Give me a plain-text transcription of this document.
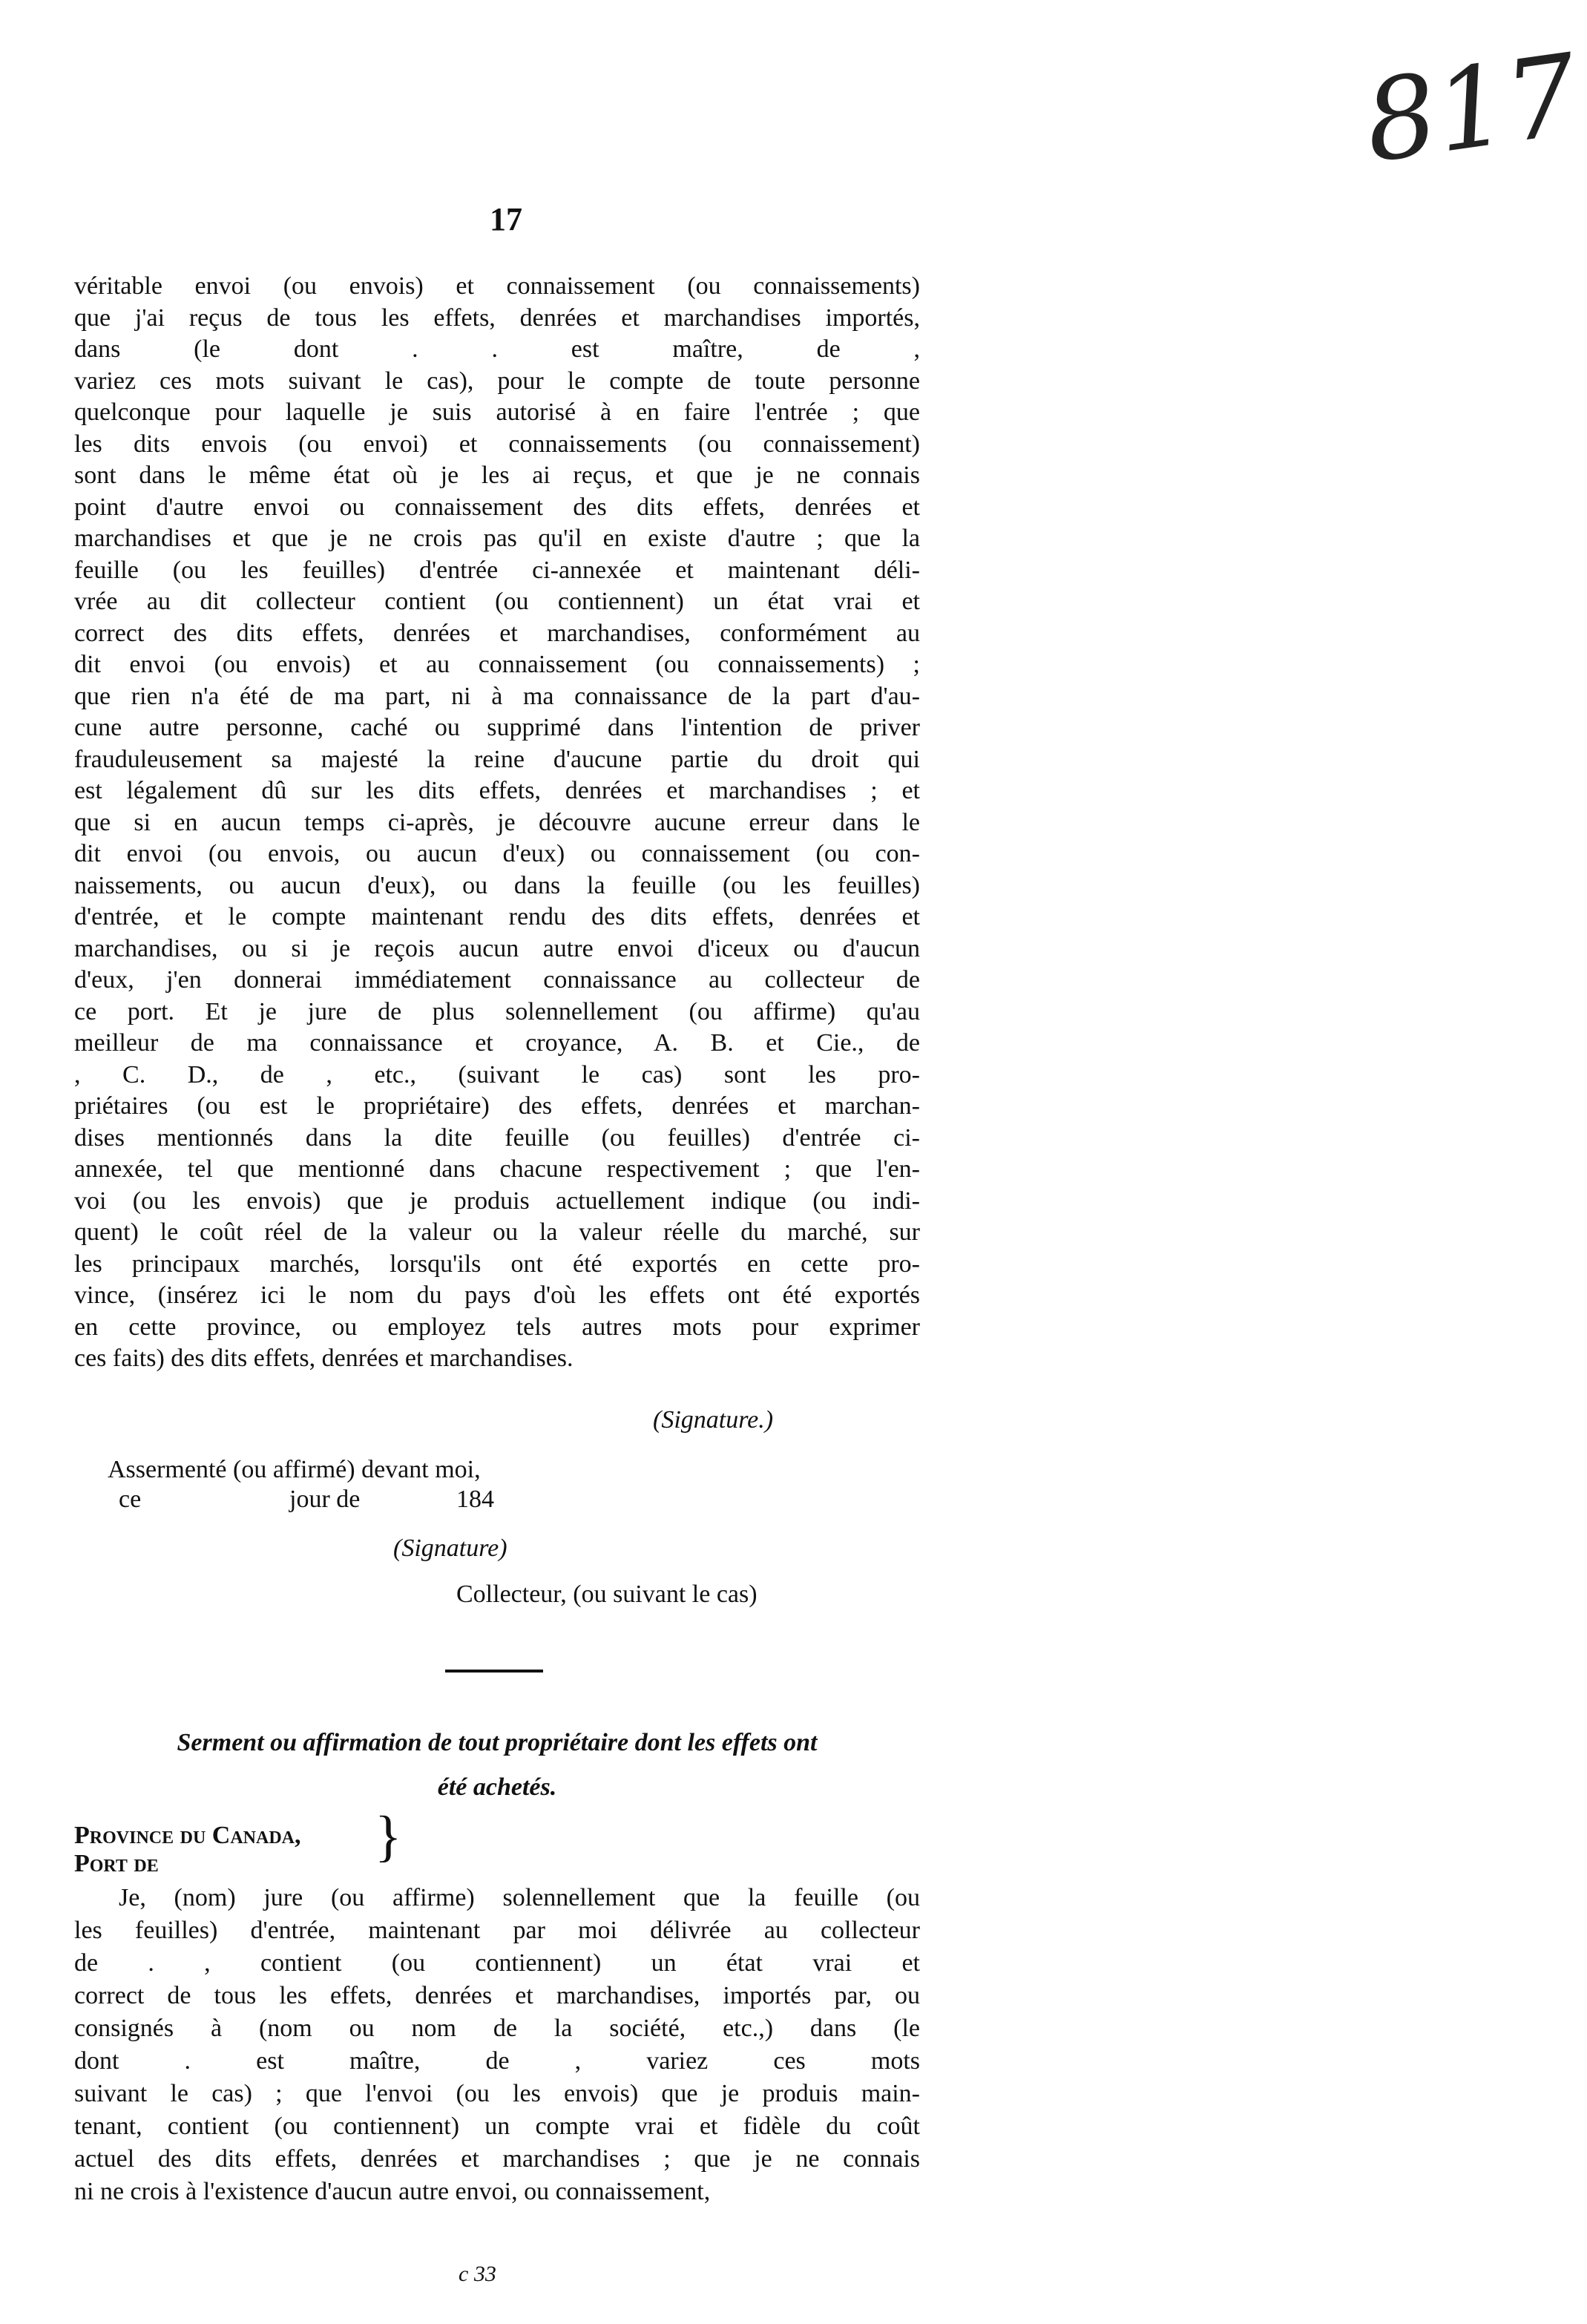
817
17
véritable envoi (ou envois) et connaissement (ou connaissements)
que j'ai reçus de tous les effets, denrées et marchandises importés,
dans (le dont . . est maître, de ,
variez ces mots suivant le cas), pour le compte de toute personne
quelconque pour laquelle je suis autorisé à en faire l'entrée ; que
les dits envois (ou envoi) et connaissements (ou connaissement)
sont dans le même état où je les ai reçus, et que je ne connais
point d'autre envoi ou connaissement des dits effets, denrées et
marchandises et que je ne crois pas qu'il en existe d'autre ; que la
feuille (ou les feuilles) d'entrée ci-annexée et maintenant déli-
vrée au dit collecteur contient (ou contiennent) un état vrai et
correct des dits effets, denrées et marchandises, conformément au
dit envoi (ou envois) et au connaissement (ou connaissements) ;
que rien n'a été de ma part, ni à ma connaissance de la part d'au-
cune autre personne, caché ou supprimé dans l'intention de priver
frauduleusement sa majesté la reine d'aucune partie du droit qui
est légalement dû sur les dits effets, denrées et marchandises ; et
que si en aucun temps ci-après, je découvre aucune erreur dans le
dit envoi (ou envois, ou aucun d'eux) ou connaissement (ou con-
naissements, ou aucun d'eux), ou dans la feuille (ou les feuilles)
d'entrée, et le compte maintenant rendu des dits effets, denrées et
marchandises, ou si je reçois aucun autre envoi d'iceux ou d'aucun
d'eux, j'en donnerai immédiatement connaissance au collecteur de
ce port. Et je jure de plus solennellement (ou affirme) qu'au
meilleur de ma connaissance et croyance, A. B. et Cie., de
, C. D., de , etc., (suivant le cas) sont les pro-
priétaires (ou est le propriétaire) des effets, denrées et marchan-
dises mentionnés dans la dite feuille (ou feuilles) d'entrée ci-
annexée, tel que mentionné dans chacune respectivement ; que l'en-
voi (ou les envois) que je produis actuellement indique (ou indi-
quent) le coût réel de la valeur ou la valeur réelle du marché, sur
les principaux marchés, lorsqu'ils ont été exportés en cette pro-
vince, (insérez ici le nom du pays d'où les effets ont été exportés
en cette province, ou employez tels autres mots pour exprimer
ces faits) des dits effets, denrées et marchandises.
(Signature.)
Assermenté (ou affirmé) devant moi,
ce	jour de	184
(Signature)
Collecteur, (ou suivant le cas)
Serment ou affirmation de tout propriétaire dont les effets ont
été achetés.
Province du Canada,
Port de	}
Je, (nom) jure (ou affirme) solennellement que la feuille (ou
les feuilles) d'entrée, maintenant par moi délivrée au collecteur
de . , contient (ou contiennent) un état vrai et
correct de tous les effets, denrées et marchandises, importés par, ou
consignés à (nom ou nom de la société, etc.,) dans (le
dont . est maître, de , variez ces mots
suivant le cas) ; que l'envoi (ou les envois) que je produis main-
tenant, contient (ou contiennent) un compte vrai et fidèle du coût
actuel des dits effets, denrées et marchandises ; que je ne connais
ni ne crois à l'existence d'aucun autre envoi, ou connaissement,
c 33
